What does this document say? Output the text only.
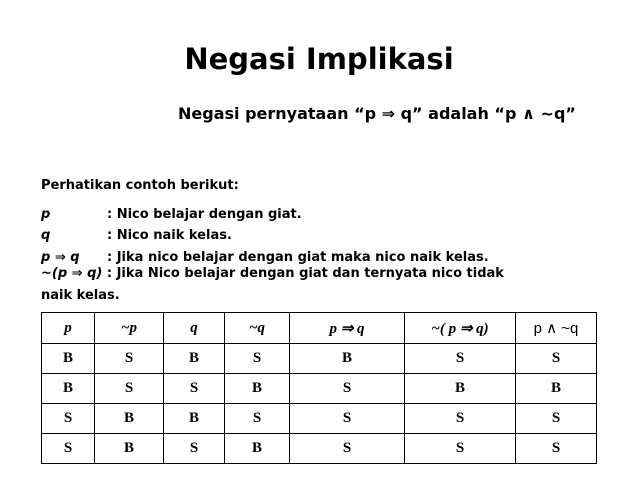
Negasi Implikasi
Negasi pernyataan “p ⇒ q” adalah “p ∧ ~q”
Perhatikan contoh berikut:
p	: Nico belajar dengan giat.
q	: Nico naik kelas.
p ⇒ q : Jika nico belajar dengan giat maka nico naik kelas.
~(p ⇒ q) : Jika Nico belajar dengan giat dan ternyata nico tidak
naik kelas.
p	~p	q	~q	p ⇒ q	~( p ⇒ q)	p ∧ ~q
B	S	B	S	B	S	S
B	S	S	B	S	B	B
S	B	B	S	S	S	S
S	B	S	B	S	S	S
